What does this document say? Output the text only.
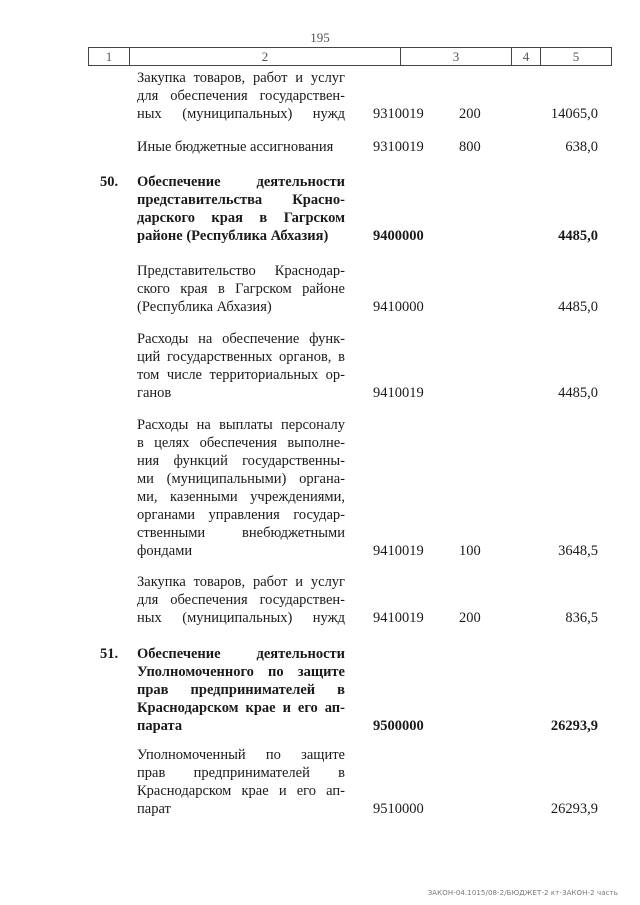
195
1	2	3	4	5
Закупка товаров, работ и услуг
для обеспечения государствен-
ных (муниципальных) нужд 9310019 200	14065,0
Иные бюджетные ассигнования	9310019 800	638,0
50. Обеспечение деятельности
представительства Красно-
дарского края в Гагрском
районе (Республика Абхазия)	9400000	4485,0
Представительство Краснодар-
ского края в Гагрском районе
(Республика Абхазия)	9410000	4485,0
Расходы на обеспечение функ-
ций государственных органов, в
том числе территориальных ор-
ганов	9410019	4485,0
Расходы на выплаты персоналу
в целях обеспечения выполне-
ния функций государственны-
ми (муниципальными) органа-
ми, казенными учреждениями,
органами управления государ-
ственными внебюджетными
фондами	9410019 100	3648,5
Закупка товаров, работ и услуг
для обеспечения государствен-
ных (муниципальных) нужд 9410019 200	836,5
51. Обеспечение деятельности
Уполномоченного по защите
прав предпринимателей в
Краснодарском крае и его ап-
парата	9500000	26293,9
Уполномоченный по защите
прав предпринимателей в
Краснодарском крае и его ап-
парат	9510000	26293,9
ЗАКОН-04.1015/08-2/БЮДЖЕТ-2 кт-ЗАКОН-2 часть
